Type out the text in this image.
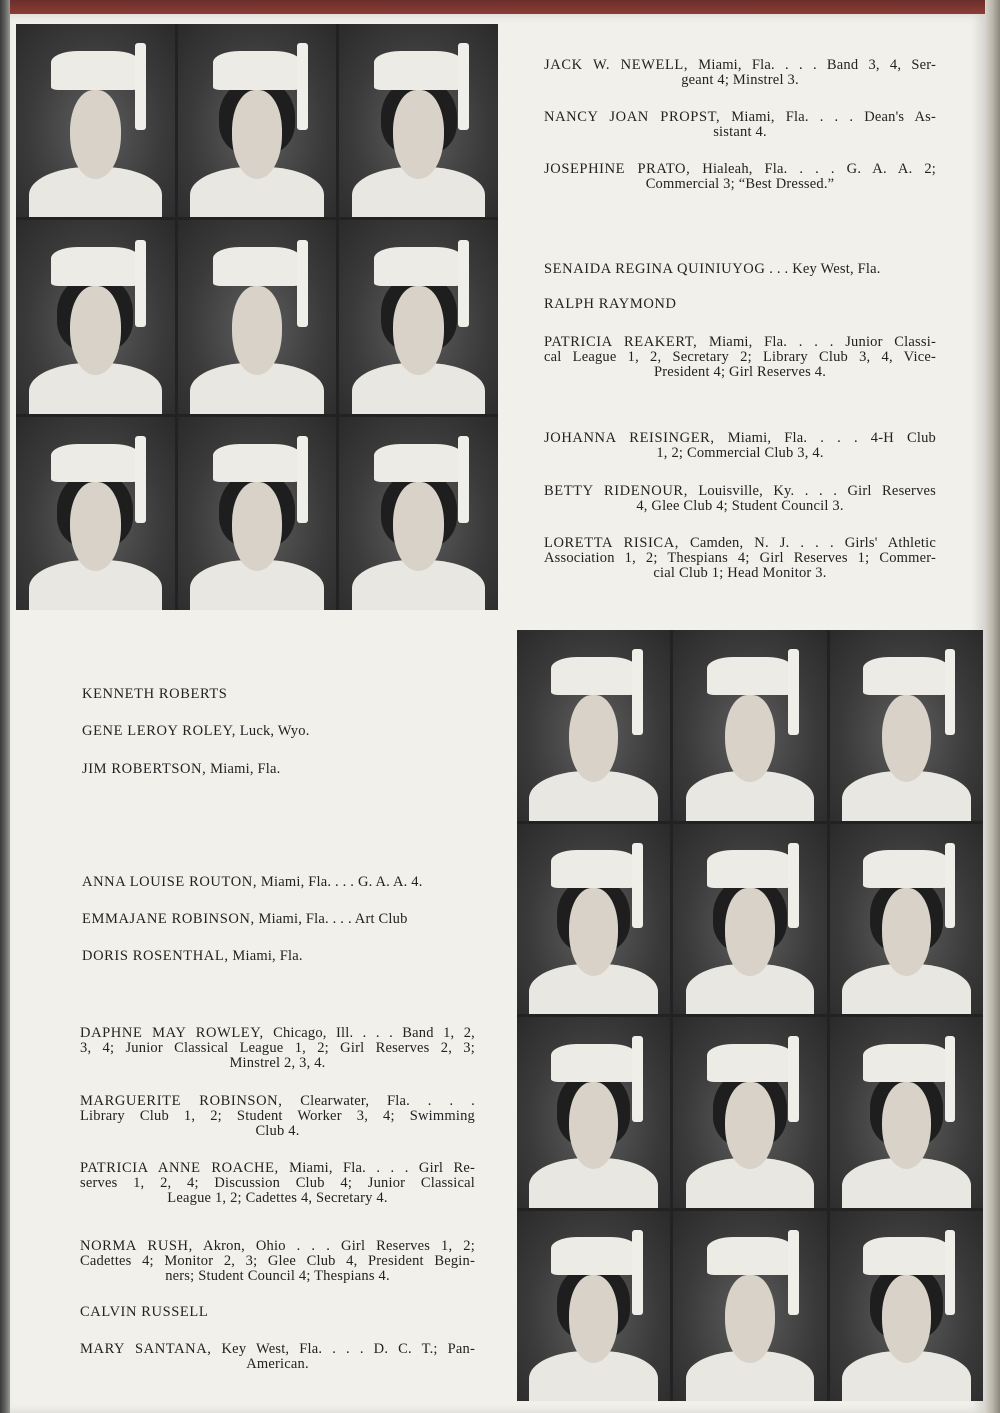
JACK W. NEWELL, Miami, Fla. . . . Band 3, 4, Ser-
geant 4; Minstrel 3.
NANCY JOAN PROPST, Miami, Fla. . . . Dean's As-
sistant 4.
JOSEPHINE PRATO, Hialeah, Fla. . . . G. A. A. 2;
Commercial 3; “Best Dressed.”
SENAIDA REGINA QUINIUYOG . . . Key West, Fla.
RALPH RAYMOND
PATRICIA REAKERT, Miami, Fla. . . . Junior Classi-
cal League 1, 2, Secretary 2; Library Club 3, 4, Vice-
President 4; Girl Reserves 4.
JOHANNA REISINGER, Miami, Fla. . . . 4-H Club
1, 2; Commercial Club 3, 4.
BETTY RIDENOUR, Louisville, Ky. . . . Girl Reserves
4, Glee Club 4; Student Council 3.
LORETTA RISICA, Camden, N. J. . . . Girls' Athletic
Association 1, 2; Thespians 4; Girl Reserves 1; Commer-
cial Club 1; Head Monitor 3.
KENNETH ROBERTS
GENE LEROY ROLEY, Luck, Wyo.
JIM ROBERTSON, Miami, Fla.
ANNA LOUISE ROUTON, Miami, Fla. . . . G. A. A. 4.
EMMAJANE ROBINSON, Miami, Fla. . . . Art Club
DORIS ROSENTHAL, Miami, Fla.
DAPHNE MAY ROWLEY, Chicago, Ill. . . . Band 1, 2,
3, 4; Junior Classical League 1, 2; Girl Reserves 2, 3;
Minstrel 2, 3, 4.
MARGUERITE ROBINSON, Clearwater, Fla. . . .
Library Club 1, 2; Student Worker 3, 4; Swimming
Club 4.
PATRICIA ANNE ROACHE, Miami, Fla. . . . Girl Re-
serves 1, 2, 4; Discussion Club 4; Junior Classical
League 1, 2; Cadettes 4, Secretary 4.
NORMA RUSH, Akron, Ohio . . . Girl Reserves 1, 2;
Cadettes 4; Monitor 2, 3; Glee Club 4, President Begin-
ners; Student Council 4; Thespians 4.
CALVIN RUSSELL
MARY SANTANA, Key West, Fla. . . . D. C. T.; Pan-
American.
